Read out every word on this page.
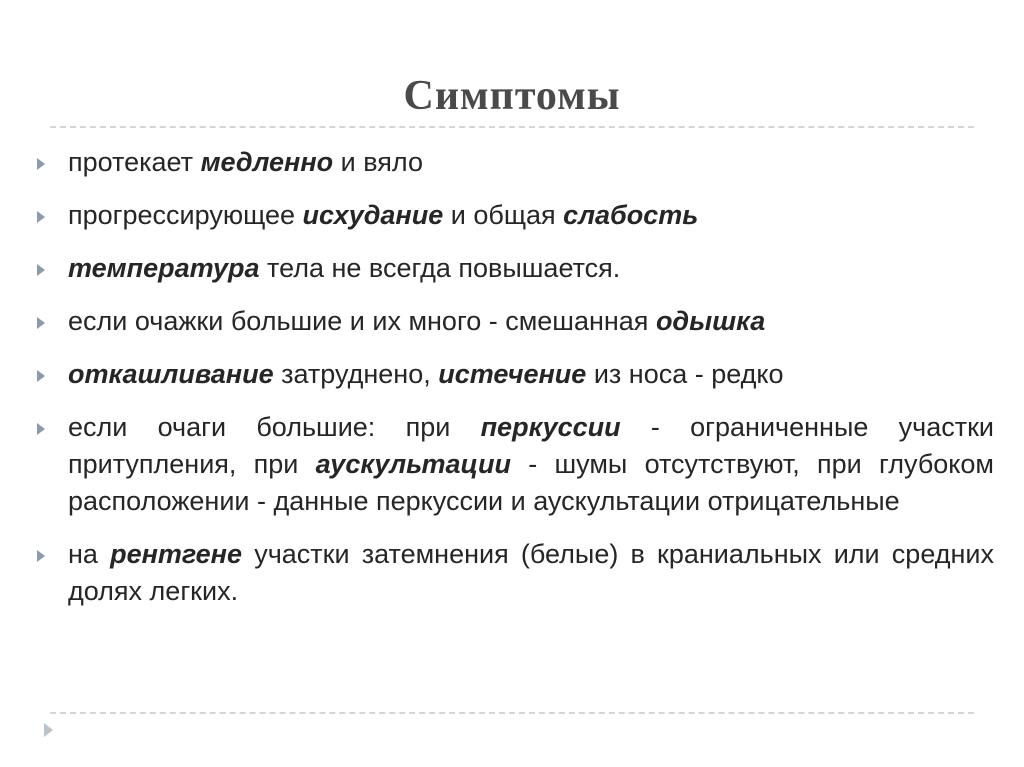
Симптомы
протекает медленно и вяло
прогрессирующее исхудание и общая слабость
температура тела не всегда повышается.
если очажки большие и их много - смешанная одышка
откашливание затруднено, истечение из носа - редко
если очаги большие: при перкуссии - ограниченные участки притупления, при аускультации - шумы отсутствуют, при глубоком расположении - данные перкуссии и аускультации отрицательные
на рентгене участки затемнения (белые) в краниальных или средних долях легких.
